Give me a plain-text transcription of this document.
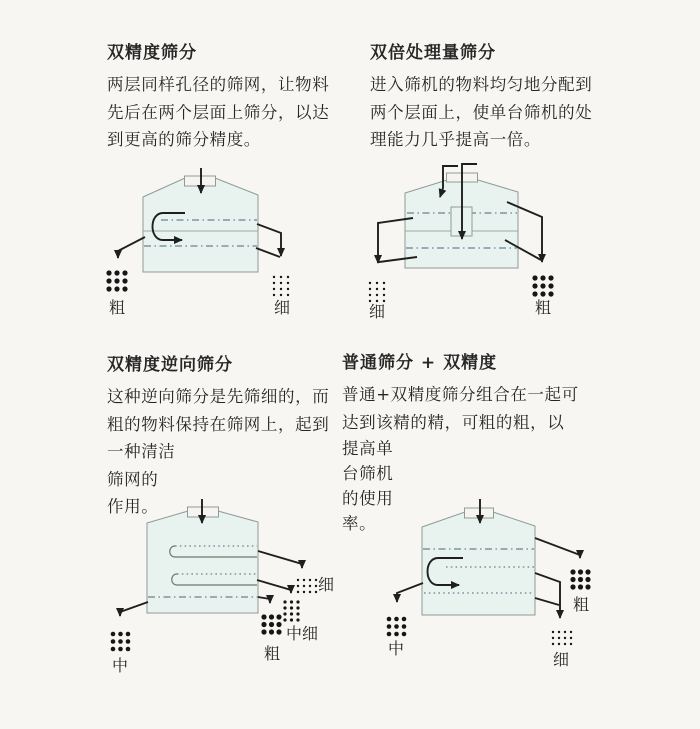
双精度筛分
两层同样孔径的筛网，让物料
先后在两个层面上筛分，以达
到更高的筛分精度。
双倍处理量筛分
进入筛机的物料均匀地分配到
两个层面上，使单台筛机的处
理能力几乎提高一倍。
双精度逆向筛分
这种逆向筛分是先筛细的，而
粗的物料保持在筛网上，起到
一种清洁
筛网的
作用。
普通筛分 + 双精度
普通+双精度筛分组合在一起可
达到该精的精，可粗的粗，以
提高单
台筛机
的使用
率。
粗	细	细	粗
细
中细
粗
中
粗
细
中
